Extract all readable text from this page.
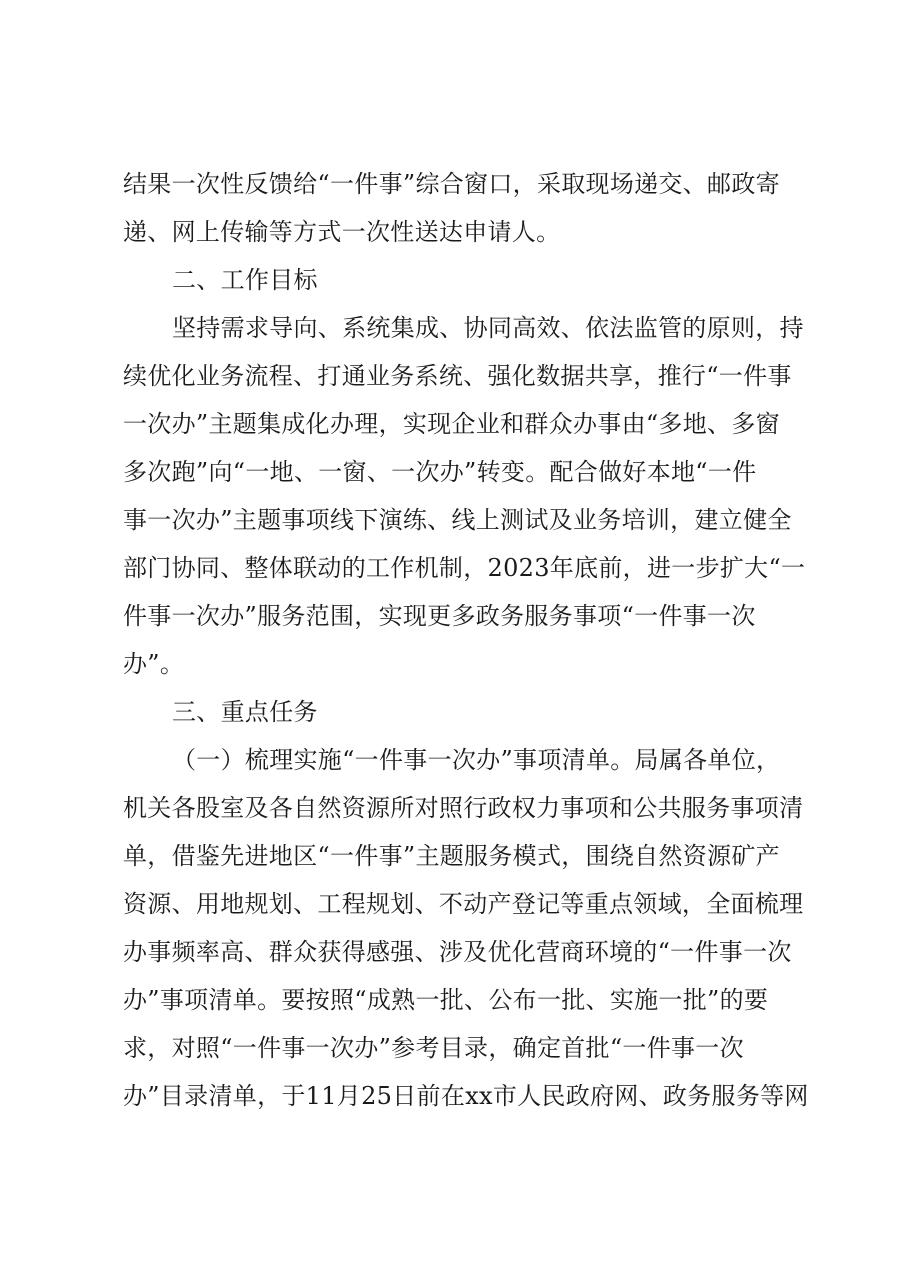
结果一次性反馈给“一件事”综合窗口，采取现场递交、邮政寄
递、网上传输等方式一次性送达申请人。
二、工作目标
坚持需求导向、系统集成、协同高效、依法监管的原则，持
续优化业务流程、打通业务系统、强化数据共享，推行“一件事
一次办”主题集成化办理，实现企业和群众办事由“多地、多窗
多次跑”向“一地、一窗、一次办”转变。配合做好本地“一件
事一次办”主题事项线下演练、线上测试及业务培训，建立健全
部门协同、整体联动的工作机制，2023年底前，进一步扩大“一
件事一次办”服务范围，实现更多政务服务事项“一件事一次
办”。
三、重点任务
（一）梳理实施“一件事一次办”事项清单。局属各单位，
机关各股室及各自然资源所对照行政权力事项和公共服务事项清
单，借鉴先进地区“一件事”主题服务模式，围绕自然资源矿产
资源、用地规划、工程规划、不动产登记等重点领域，全面梳理
办事频率高、群众获得感强、涉及优化营商环境的“一件事一次
办”事项清单。要按照“成熟一批、公布一批、实施一批”的要
求，对照“一件事一次办”参考目录，确定首批“一件事一次
办”目录清单，于11月25日前在xx市人民政府网、政务服务等网
